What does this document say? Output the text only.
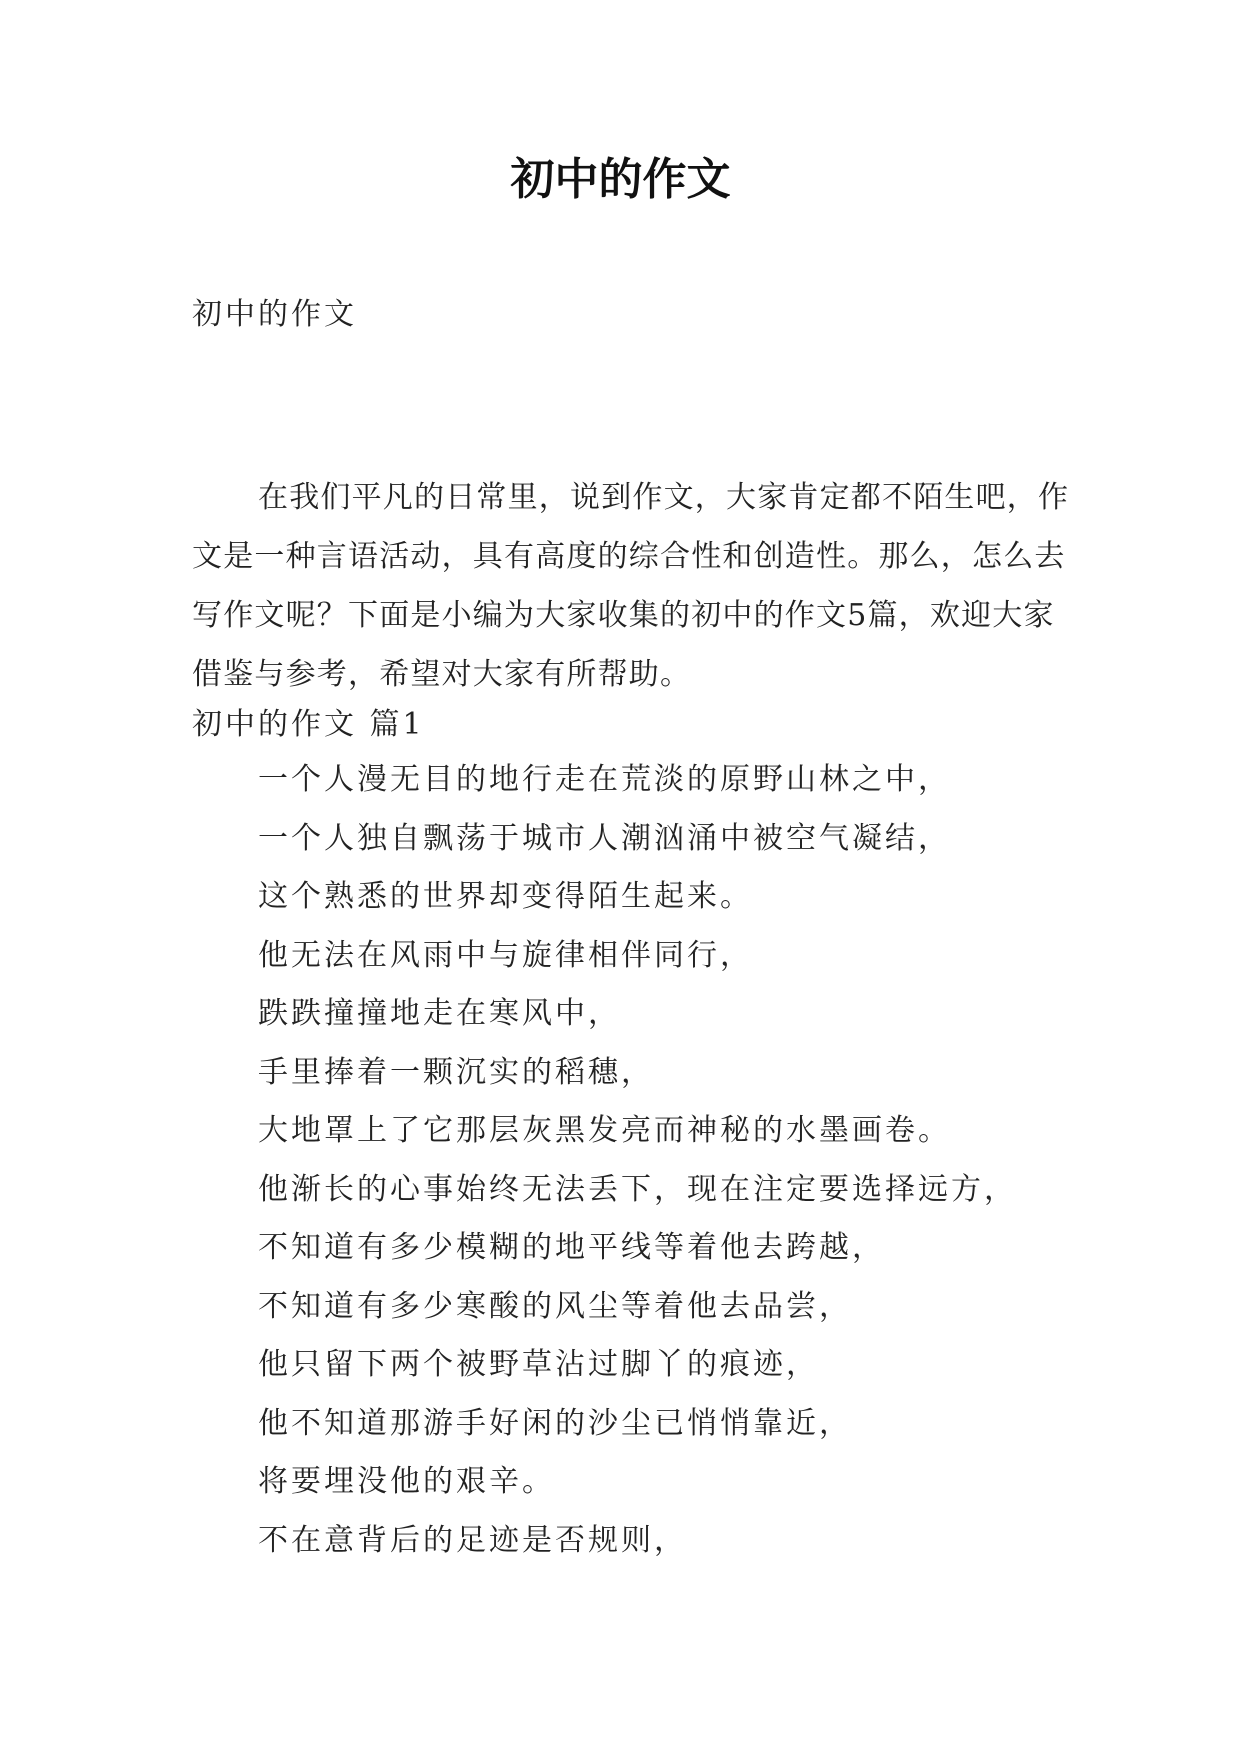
初中的作文
初中的作文

在我们平凡的日常里，说到作文，大家肯定都不陌生吧，作文是一种言语活动，具有高度的综合性和创造性。那么，怎么去写作文呢？下面是小编为大家收集的初中的作文5篇，欢迎大家借鉴与参考，希望对大家有所帮助。

初中的作文 篇1
一个人漫无目的地行走在荒淡的原野山林之中，
一个人独自飘荡于城市人潮汹涌中被空气凝结，
这个熟悉的世界却变得陌生起来。
他无法在风雨中与旋律相伴同行，
跌跌撞撞地走在寒风中，
手里捧着一颗沉实的稻穗，
大地罩上了它那层灰黑发亮而神秘的水墨画卷。
他渐长的心事始终无法丢下，现在注定要选择远方，
不知道有多少模糊的地平线等着他去跨越，
不知道有多少寒酸的风尘等着他去品尝，
他只留下两个被野草沾过脚丫的痕迹，
他不知道那游手好闲的沙尘已悄悄靠近，
将要埋没他的艰辛。
不在意背后的足迹是否规则，
